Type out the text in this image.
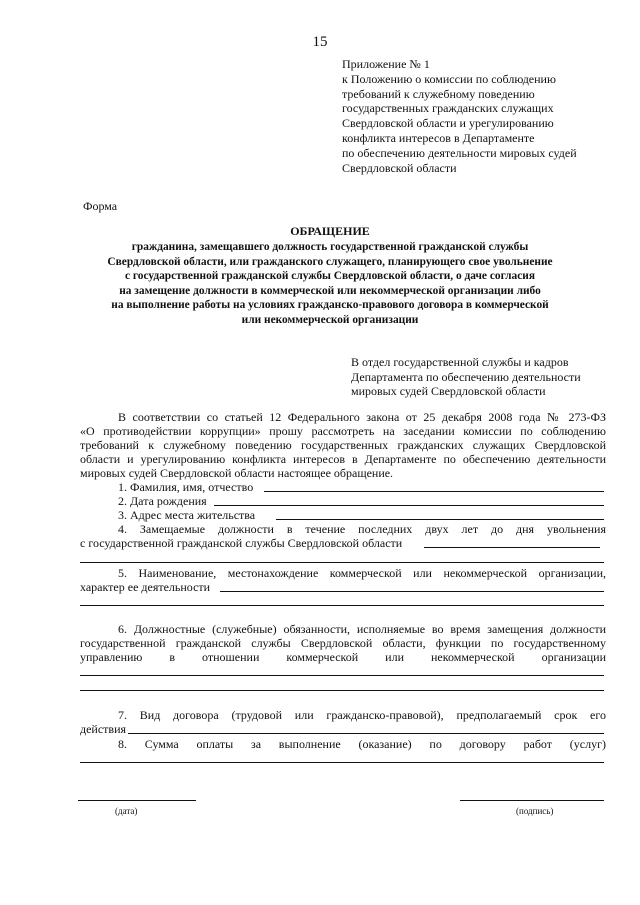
15
Приложение № 1
к Положению о комиссии по соблюдению
требований к служебному поведению
государственных гражданских служащих
Свердловской области и урегулированию
конфликта интересов в Департаменте
по обеспечению деятельности мировых судей
Свердловской области
Форма
ОБРАЩЕНИЕ
гражданина, замещавшего должность государственной гражданской службы
Свердловской области, или гражданского служащего, планирующего свое увольнение
с государственной гражданской службы Свердловской области, о даче согласия
на замещение должности в коммерческой или некоммерческой организации либо
на выполнение работы на условиях гражданско-правового договора в коммерческой
или некоммерческой организации
В отдел государственной службы и кадров
Департамента по обеспечению деятельности
мировых судей Свердловской области
В соответствии со статьей 12 Федерального закона от 25 декабря 2008 года № 273-ФЗ
«О противодействии коррупции» прошу рассмотреть на заседании комиссии по соблюдению
требований к служебному поведению государственных гражданских служащих Свердловской
области и урегулированию конфликта интересов в Департаменте по обеспечению деятельности
мировых судей Свердловской области настоящее обращение.
1. Фамилия, имя, отчество
2. Дата рождения
3. Адрес места жительства
4. Замещаемые должности в течение последних двух лет до дня увольнения
с государственной гражданской службы Свердловской области
5. Наименование, местонахождение коммерческой или некоммерческой организации,
характер ее деятельности
6. Должностные (служебные) обязанности, исполняемые во время замещения должности
государственной гражданской службы Свердловской области, функции по государственному
управлению в отношении коммерческой или некоммерческой организации
7. Вид договора (трудовой или гражданско-правовой), предполагаемый срок его
действия
8. Сумма оплаты за выполнение (оказание) по договору работ (услуг)
(дата)	(подпись)
